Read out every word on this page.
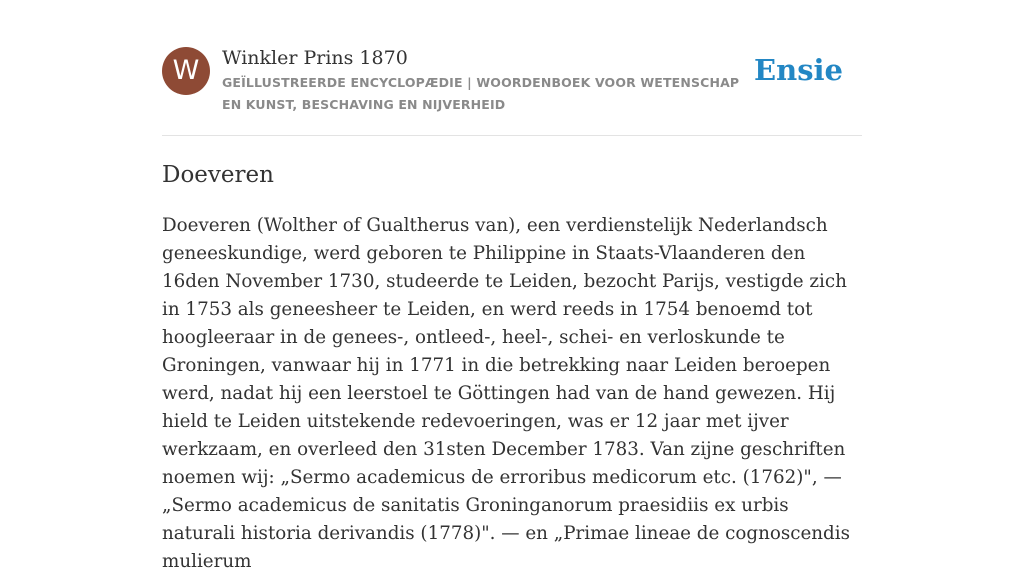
W	Winkler Prins 1870
GEÏLLUSTREERDE ENCYCLOPÆDIE | WOORDENBOEK VOOR WETENSCHAP EN KUNST, BESCHAVING EN NIJVERHEID
Ensie
Doeveren

Doeveren (Wolther of Gualtherus van), een verdienstelijk Nederlandsch geneeskundige, werd geboren te Philippine in Staats-Vlaanderen den 16den November 1730, studeerde te Leiden, bezocht Parijs, vestigde zich in 1753 als geneesheer te Leiden, en werd reeds in 1754 benoemd tot hoogleeraar in de genees-, ontleed-, heel-, schei- en verloskunde te Groningen, vanwaar hij in 1771 in die betrekking naar Leiden beroepen werd, nadat hij een leerstoel te Göttingen had van de hand gewezen. Hij hield te Leiden uitstekende redevoeringen, was er 12 jaar met ijver werkzaam, en overleed den 31sten December 1783. Van zijne geschriften noemen wij: „Sermo academicus de erroribus medicorum etc. (1762)", — „Sermo academicus de sanitatis Groninganorum praesidiis ex urbis naturali historia derivandis (1778)". — en „Primae lineae de cognoscendis mulierum
